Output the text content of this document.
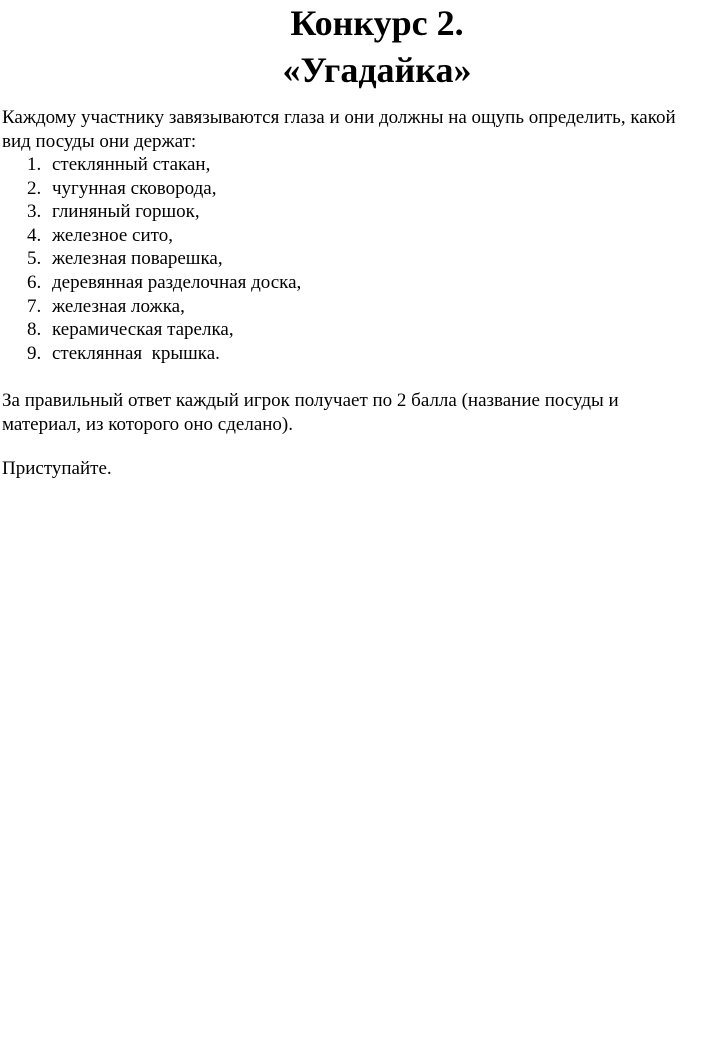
Конкурс 2.
«Угадайка»

Каждому участнику завязываются глаза и они должны на ощупь определить, какой вид посуды они держат:

1. стеклянный стакан,
2. чугунная сковорода,
3. глиняный горшок,
4. железное сито,
5. железная поварешка,
6. деревянная разделочная доска,
7. железная ложка,
8. керамическая тарелка,
9. стеклянная  крышка.

За правильный ответ каждый игрок получает по 2 балла (название посуды и материал, из которого оно сделано).

Приступайте.
